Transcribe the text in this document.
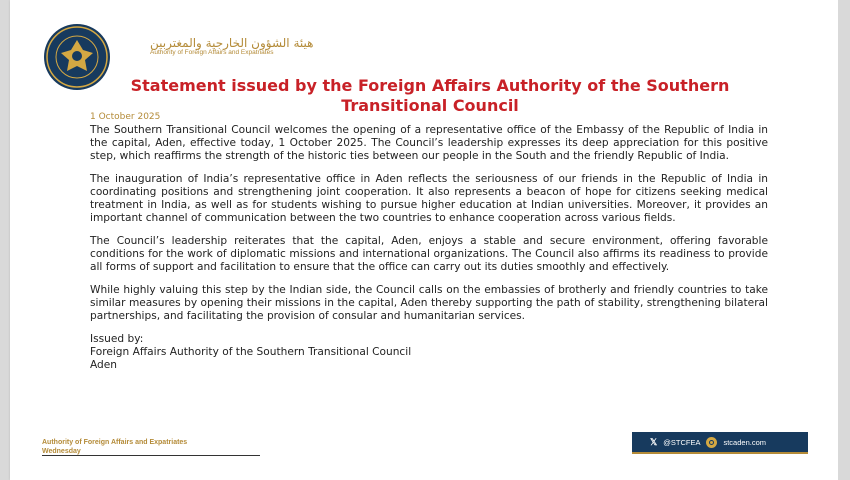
هيئة الشؤون الخارجية والمغتربين
Authority of Foreign Affairs and Expatriates
Statement issued by the Foreign Affairs Authority of the Southern Transitional Council
1 October 2025

The Southern Transitional Council welcomes the opening of a representative office of the Embassy of the Republic of India in the capital, Aden, effective today, 1 October 2025. The Council’s leadership expresses its deep appreciation for this positive step, which reaffirms the strength of the historic ties between our people in the South and the friendly Republic of India.

The inauguration of India’s representative office in Aden reflects the seriousness of our friends in the Republic of India in coordinating positions and strengthening joint cooperation. It also represents a beacon of hope for citizens seeking medical treatment in India, as well as for students wishing to pursue higher education at Indian universities. Moreover, it provides an important channel of communication between the two countries to enhance cooperation across various fields.

The Council’s leadership reiterates that the capital, Aden, enjoys a stable and secure environment, offering favorable conditions for the work of diplomatic missions and international organizations. The Council also affirms its readiness to provide all forms of support and facilitation to ensure that the office can carry out its duties smoothly and effectively.

While highly valuing this step by the Indian side, the Council calls on the embassies of brotherly and friendly countries to take similar measures by opening their missions in the capital, Aden thereby supporting the path of stability, strengthening bilateral partnerships, and facilitating the provision of consular and humanitarian services.

Issued by:
Foreign Affairs Authority of the Southern Transitional Council
Aden
Authority of Foreign Affairs and Expatriates
Wednesday
𝕏 @STCFEA	stcaden.com
